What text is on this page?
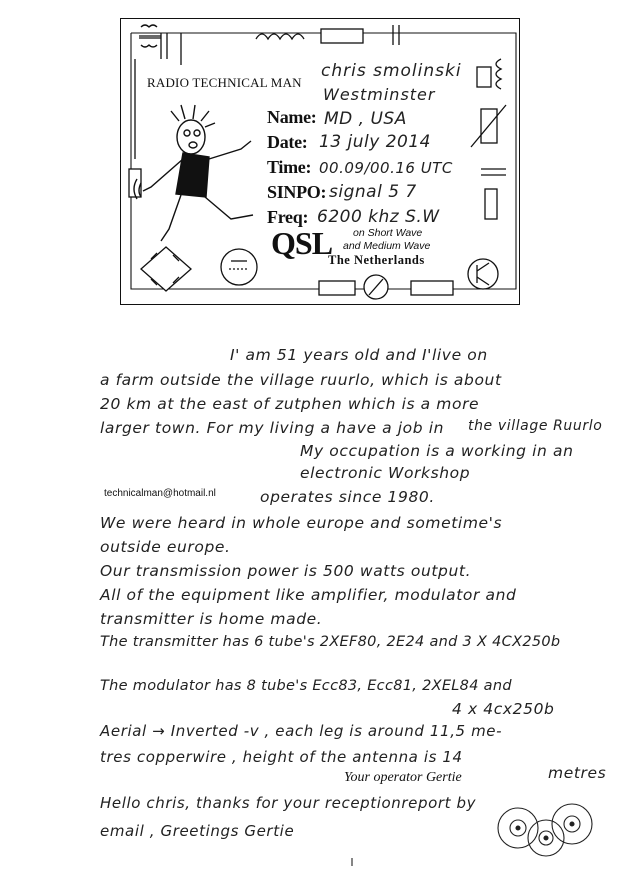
RADIO TECHNICAL MAN
chris smolinski
Westminster
Name: MD , USA
Date: 13 july 2014
Time: 00.09/00.16 UTC
SINPO: signal 5 7
Freq: 6200 khz S.W
QSL on Short Wave
and Medium Wave
The Netherlands
I' am 51 years old and I'live on
a farm outside the village ruurlo, which is about
20 km at the east of zutphen which is a more
larger town. For my living a have a job in the village Ruurlo
My occupation is a working in an
electronic Workshop
technicalman@hotmail.nl	operates since 1980.
We were heard in whole europe and sometime's
outside europe.
Our transmission power is 500 watts output.
All of the equipment like amplifier, modulator and
transmitter is home made.
The transmitter has 6 tube's 2XEF80, 2E24 and 3 X 4CX250b
The modulator has 8 tube's Ecc83, Ecc81, 2XEL84 and
4 x 4cx250b
Aerial → Inverted -v , each leg is around 11,5 me-
tres copperwire , height of the antenna is 14
metres
Your operator Gertie
Hello chris, thanks for your receptionreport by
email , Greetings Gertie
